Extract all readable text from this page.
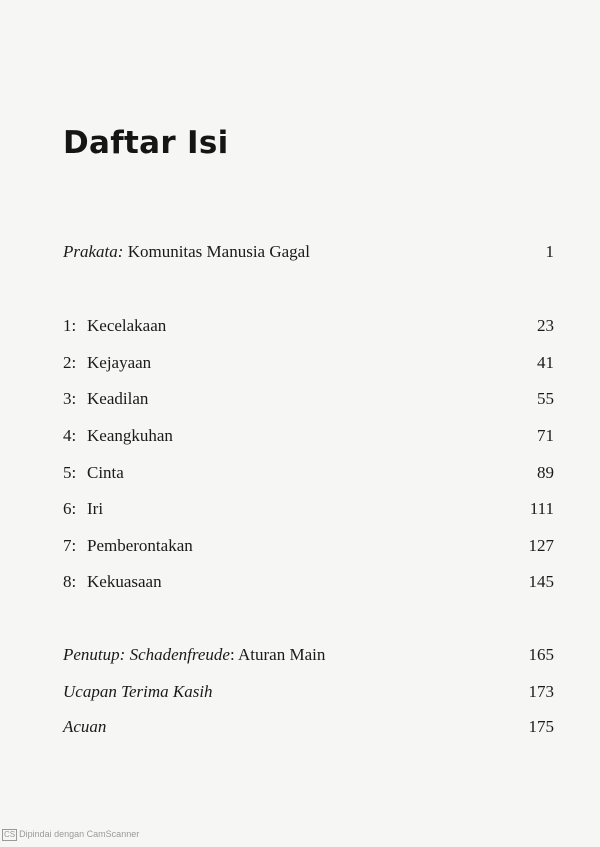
Daftar Isi
Prakata: Komunitas Manusia Gagal	1
1: Kecelakaan	23
2: Kejayaan	41
3: Keadilan	55
4: Keangkuhan	71
5: Cinta	89
6: Iri	111
7: Pemberontakan	127
8: Kekuasaan	145
Penutup: Schadenfreude: Aturan Main	165
Ucapan Terima Kasih	173
Acuan	175
CS Dipindai dengan CamScanner
